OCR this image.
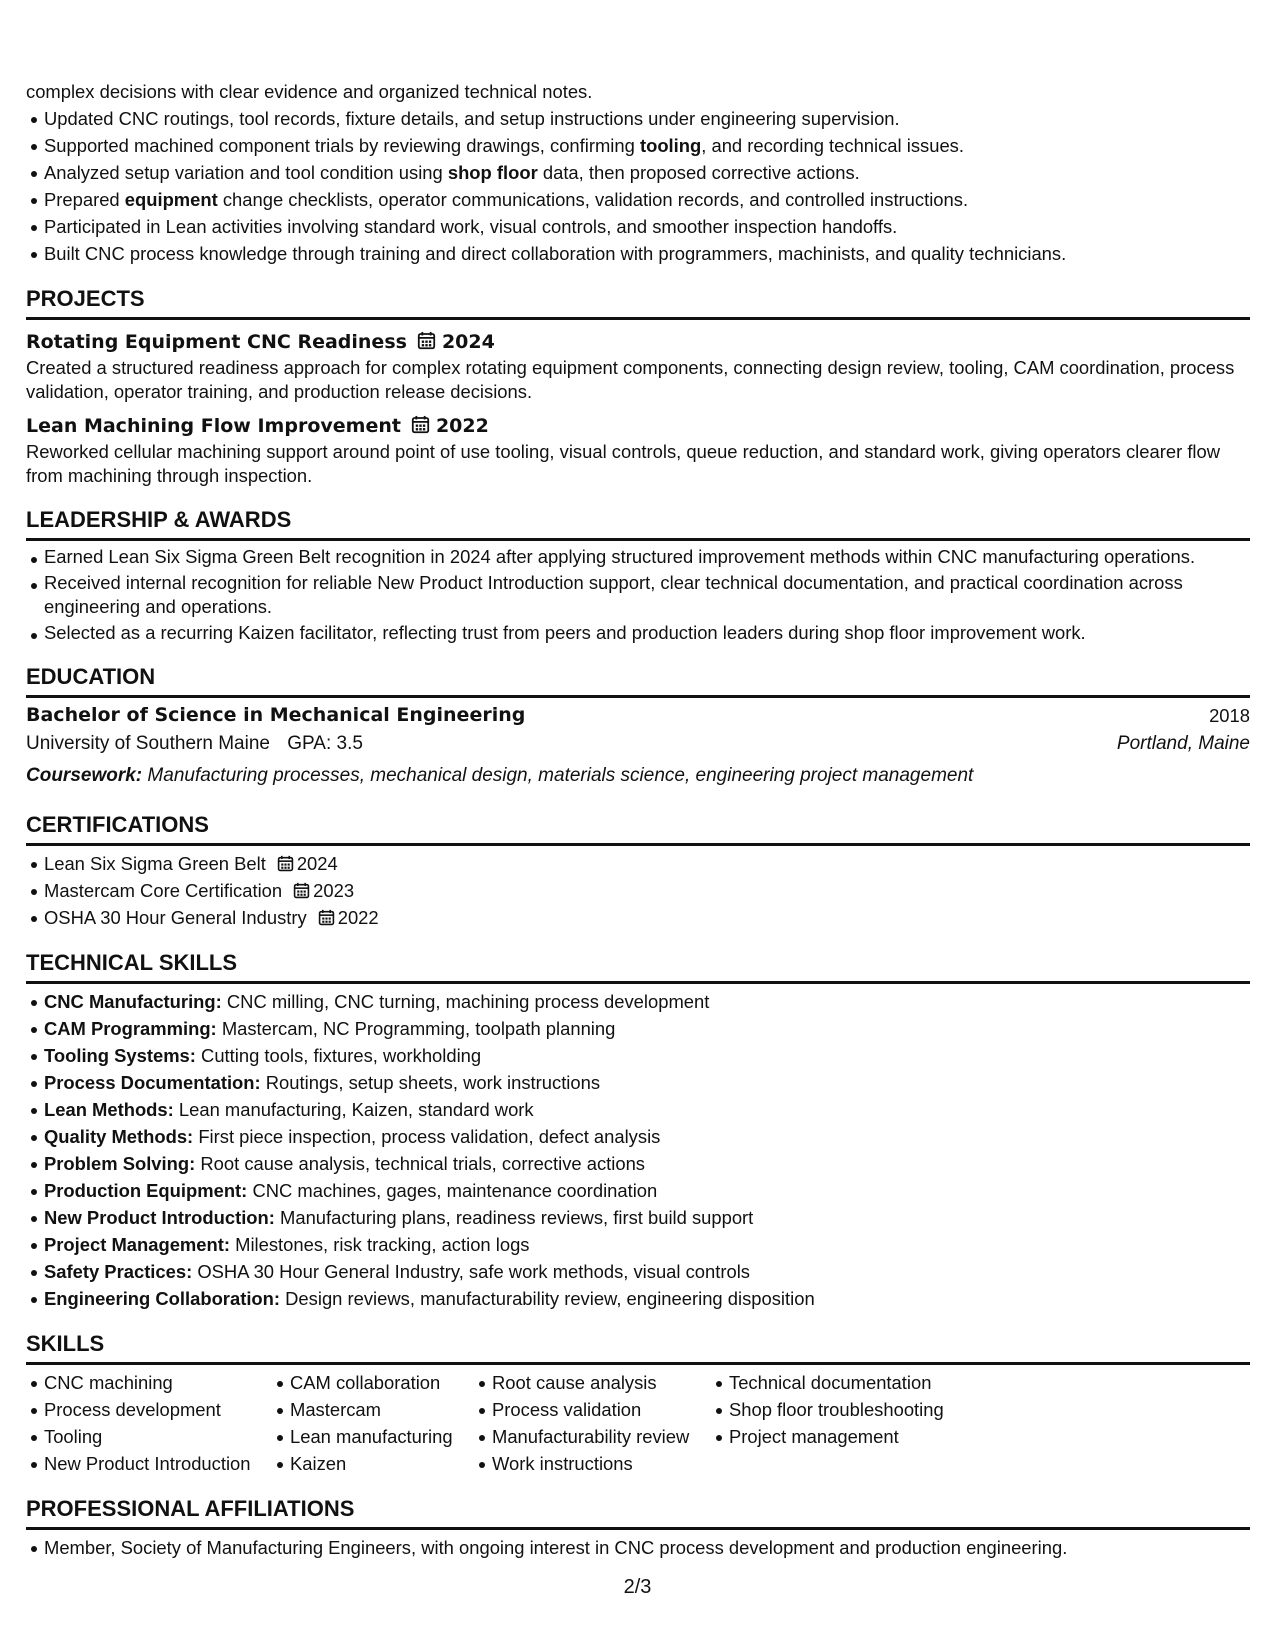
complex decisions with clear evidence and organized technical notes.

Updated CNC routings, tool records, fixture details, and setup instructions under engineering supervision.
Supported machined component trials by reviewing drawings, confirming tooling, and recording technical issues.
Analyzed setup variation and tool condition using shop floor data, then proposed corrective actions.
Prepared equipment change checklists, operator communications, validation records, and controlled instructions.
Participated in Lean activities involving standard work, visual controls, and smoother inspection handoffs.
Built CNC process knowledge through training and direct collaboration with programmers, machinists, and quality technicians.
PROJECTS
Rotating Equipment CNC Readiness 2024

Created a structured readiness approach for complex rotating equipment components, connecting design review, tooling, CAM coordination, process validation, operator training, and production release decisions.

Lean Machining Flow Improvement 2022

Reworked cellular machining support around point of use tooling, visual controls, queue reduction, and standard work, giving operators clearer flow from machining through inspection.

LEADERSHIP & AWARDS
Earned Lean Six Sigma Green Belt recognition in 2024 after applying structured improvement methods within CNC manufacturing operations.
Received internal recognition for reliable New Product Introduction support, clear technical documentation, and practical coordination across engineering and operations.
Selected as a recurring Kaizen facilitator, reflecting trust from peers and production leaders during shop floor improvement work.
EDUCATION
Bachelor of Science in Mechanical Engineering	2018
University of Southern Maine GPA: 3.5	Portland, Maine
Coursework: Manufacturing processes, mechanical design, materials science, engineering project management
CERTIFICATIONS
Lean Six Sigma Green Belt 2024
Mastercam Core Certification 2023
OSHA 30 Hour General Industry 2022
TECHNICAL SKILLS
CNC Manufacturing: CNC milling, CNC turning, machining process development
CAM Programming: Mastercam, NC Programming, toolpath planning
Tooling Systems: Cutting tools, fixtures, workholding
Process Documentation: Routings, setup sheets, work instructions
Lean Methods: Lean manufacturing, Kaizen, standard work
Quality Methods: First piece inspection, process validation, defect analysis
Problem Solving: Root cause analysis, technical trials, corrective actions
Production Equipment: CNC machines, gages, maintenance coordination
New Product Introduction: Manufacturing plans, readiness reviews, first build support
Project Management: Milestones, risk tracking, action logs
Safety Practices: OSHA 30 Hour General Industry, safe work methods, visual controls
Engineering Collaboration: Design reviews, manufacturability review, engineering disposition
SKILLS
CNC machining
Process development
Tooling
New Product Introduction
CAM collaboration
Mastercam
Lean manufacturing
Kaizen
Root cause analysis
Process validation
Manufacturability review
Work instructions
Technical documentation
Shop floor troubleshooting
Project management
PROFESSIONAL AFFILIATIONS
Member, Society of Manufacturing Engineers, with ongoing interest in CNC process development and production engineering.
2/3
